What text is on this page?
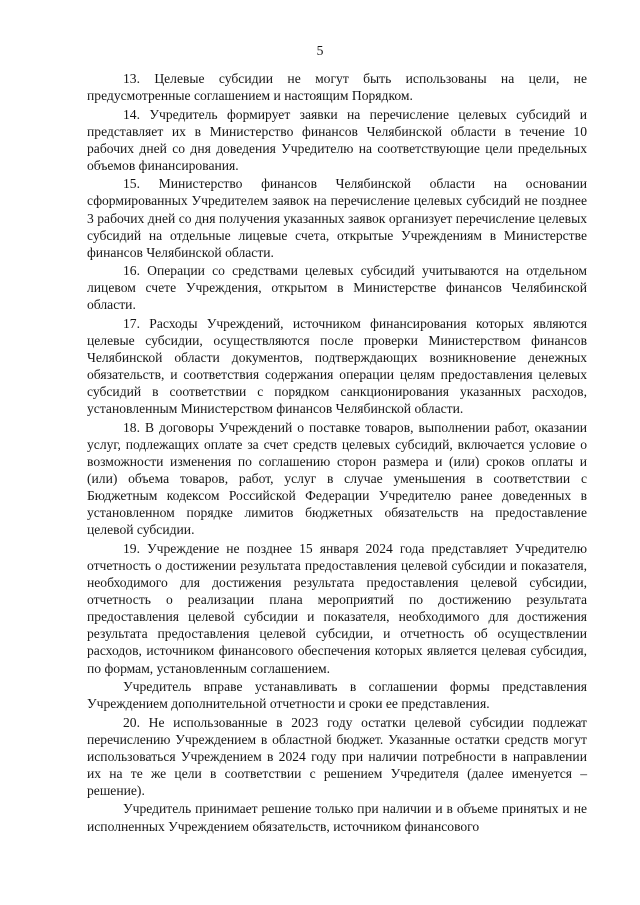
5

13. Целевые субсидии не могут быть использованы на цели, не предусмотренные соглашением и настоящим Порядком.

14. Учредитель формирует заявки на перечисление целевых субсидий и представляет их в Министерство финансов Челябинской области в течение 10 рабочих дней со дня доведения Учредителю на соответствующие цели предельных объемов финансирования.

15. Министерство финансов Челябинской области на основании сформированных Учредителем заявок на перечисление целевых субсидий не позднее 3 рабочих дней со дня получения указанных заявок организует перечисление целевых субсидий на отдельные лицевые счета, открытые Учреждениям в Министерстве финансов Челябинской области.

16. Операции со средствами целевых субсидий учитываются на отдельном лицевом счете Учреждения, открытом в Министерстве финансов Челябинской области.

17. Расходы Учреждений, источником финансирования которых являются целевые субсидии, осуществляются после проверки Министерством финансов Челябинской области документов, подтверждающих возникновение денежных обязательств, и соответствия содержания операции целям предоставления целевых субсидий в соответствии с порядком санкционирования указанных расходов, установленным Министерством финансов Челябинской области.

18. В договоры Учреждений о поставке товаров, выполнении работ, оказании услуг, подлежащих оплате за счет средств целевых субсидий, включается условие о возможности изменения по соглашению сторон размера и (или) сроков оплаты и (или) объема товаров, работ, услуг в случае уменьшения в соответствии с Бюджетным кодексом Российской Федерации Учредителю ранее доведенных в установленном порядке лимитов бюджетных обязательств на предоставление целевой субсидии.

19. Учреждение не позднее 15 января 2024 года представляет Учредителю отчетность о достижении результата предоставления целевой субсидии и показателя, необходимого для достижения результата предоставления целевой субсидии, отчетность о реализации плана мероприятий по достижению результата предоставления целевой субсидии и показателя, необходимого для достижения результата предоставления целевой субсидии, и отчетность об осуществлении расходов, источником финансового обеспечения которых является целевая субсидия, по формам, установленным соглашением.

Учредитель вправе устанавливать в соглашении формы представления Учреждением дополнительной отчетности и сроки ее представления.

20. Не использованные в 2023 году остатки целевой субсидии подлежат перечислению Учреждением в областной бюджет. Указанные остатки средств могут использоваться Учреждением в 2024 году при наличии потребности в направлении их на те же цели в соответствии с решением Учредителя (далее именуется – решение).

Учредитель принимает решение только при наличии и в объеме принятых и не исполненных Учреждением обязательств, источником финансового
